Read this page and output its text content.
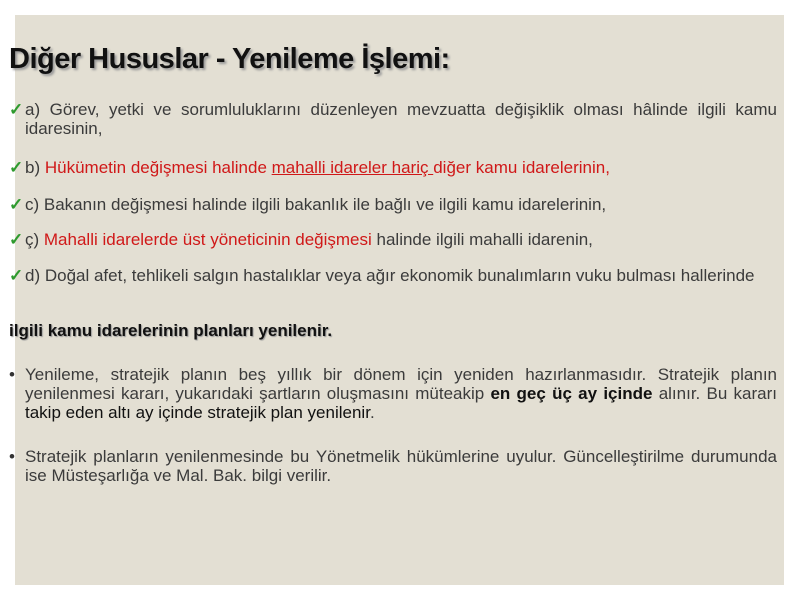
Diğer Hususlar - Yenileme İşlemi:
✓ a) Görev, yetki ve sorumluluklarını düzenleyen mevzuatta değişiklik olması hâlinde ilgili kamu idaresinin,
✓ b) Hükümetin değişmesi halinde mahalli idareler hariç diğer kamu idarelerinin,
✓ c) Bakanın değişmesi halinde ilgili bakanlık ile bağlı ve ilgili kamu idarelerinin,
✓ ç) Mahalli idarelerde üst yöneticinin değişmesi halinde ilgili mahalli idarenin,
✓ d) Doğal afet, tehlikeli salgın hastalıklar veya ağır ekonomik bunalımların vuku bulması hallerinde

ilgili kamu idarelerinin planları yenilenir.

• Yenileme, stratejik planın beş yıllık bir dönem için yeniden hazırlanmasıdır. Stratejik planın yenilenmesi kararı, yukarıdaki şartların oluşmasını müteakip en geç üç ay içinde alınır. Bu kararı takip eden altı ay içinde stratejik plan yenilenir.
• Stratejik planların yenilenmesinde bu Yönetmelik hükümlerine uyulur. Güncelleştirilme durumunda ise Müsteşarlığa ve Mal. Bak. bilgi verilir.
